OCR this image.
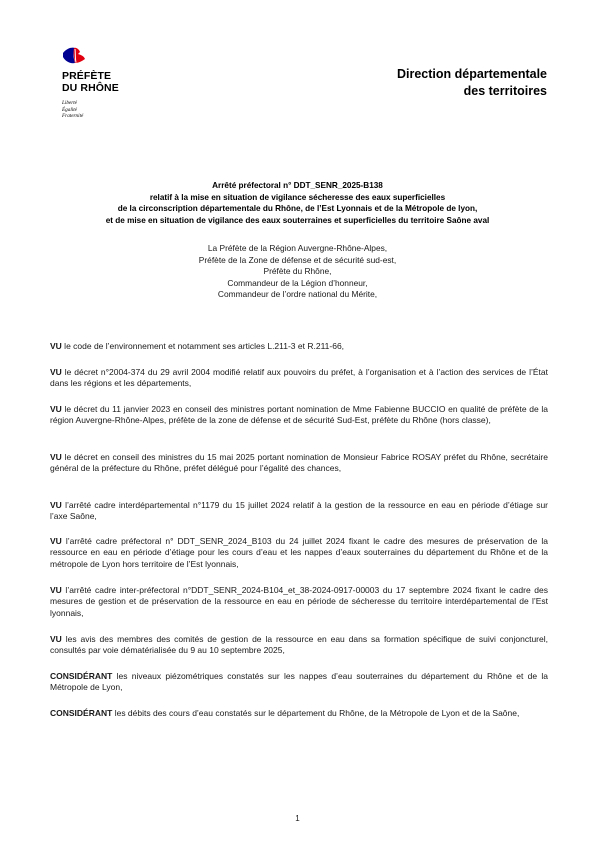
PRÉFÈTE
DU RHÔNE
Liberté
Égalité
Fraternité
Direction départementale
des territoires
Arrêté préfectoral n° DDT_SENR_2025-B138
relatif à la mise en situation de vigilance sécheresse des eaux superficielles
de la circonscription départementale du Rhône, de l’Est Lyonnais et de la Métropole de lyon,
et de mise en situation de vigilance des eaux souterraines et superficielles du territoire Saône aval
La Préfète de la Région Auvergne-Rhône-Alpes,
Préfète de la Zone de défense et de sécurité sud-est,
Préfète du Rhône,
Commandeur de la Légion d’honneur,
Commandeur de l’ordre national du Mérite,

VU le code de l’environnement et notamment ses articles L.211-3 et R.211-66,

VU le décret n°2004-374 du 29 avril 2004 modifié relatif aux pouvoirs du préfet, à l’organisation et à l’action des services de l’État dans les régions et les départements,

VU le décret du 11 janvier 2023 en conseil des ministres portant nomination de Mme Fabienne BUCCIO en qualité de préfète de la région Auvergne-Rhône-Alpes, préfète de la zone de défense et de sécurité Sud-Est, préfète du Rhône (hors classe),

VU le décret en conseil des ministres du 15 mai 2025 portant nomination de Monsieur Fabrice ROSAY préfet du Rhône, secrétaire général de la préfecture du Rhône, préfet délégué pour l’égalité des chances,

VU l’arrêté cadre interdépartemental n°1179 du 15 juillet 2024 relatif à la gestion de la ressource en eau en période d’étiage sur l’axe Saône,

VU l’arrêté cadre préfectoral n° DDT_SENR_2024_B103 du 24 juillet 2024 fixant le cadre des mesures de préservation de la ressource en eau en période d’étiage pour les cours d’eau et les nappes d’eaux souterraines du département du Rhône et de la métropole de Lyon hors territoire de l’Est lyonnais,

VU l’arrêté cadre inter-préfectoral n°DDT_SENR_2024-B104_et_38-2024-0917-00003 du 17 septembre 2024 fixant le cadre des mesures de gestion et de préservation de la ressource en eau en période de sécheresse du territoire interdépartemental de l’Est lyonnais,

VU les avis des membres des comités de gestion de la ressource en eau dans sa formation spécifique de suivi conjoncturel, consultés par voie dématérialisée du 9 au 10 septembre 2025,

CONSIDÉRANT les niveaux piézométriques constatés sur les nappes d’eau souterraines du département du Rhône et de la Métropole de Lyon,

CONSIDÉRANT les débits des cours d’eau constatés sur le département du Rhône, de la Métropole de Lyon et de la Saône,

1
